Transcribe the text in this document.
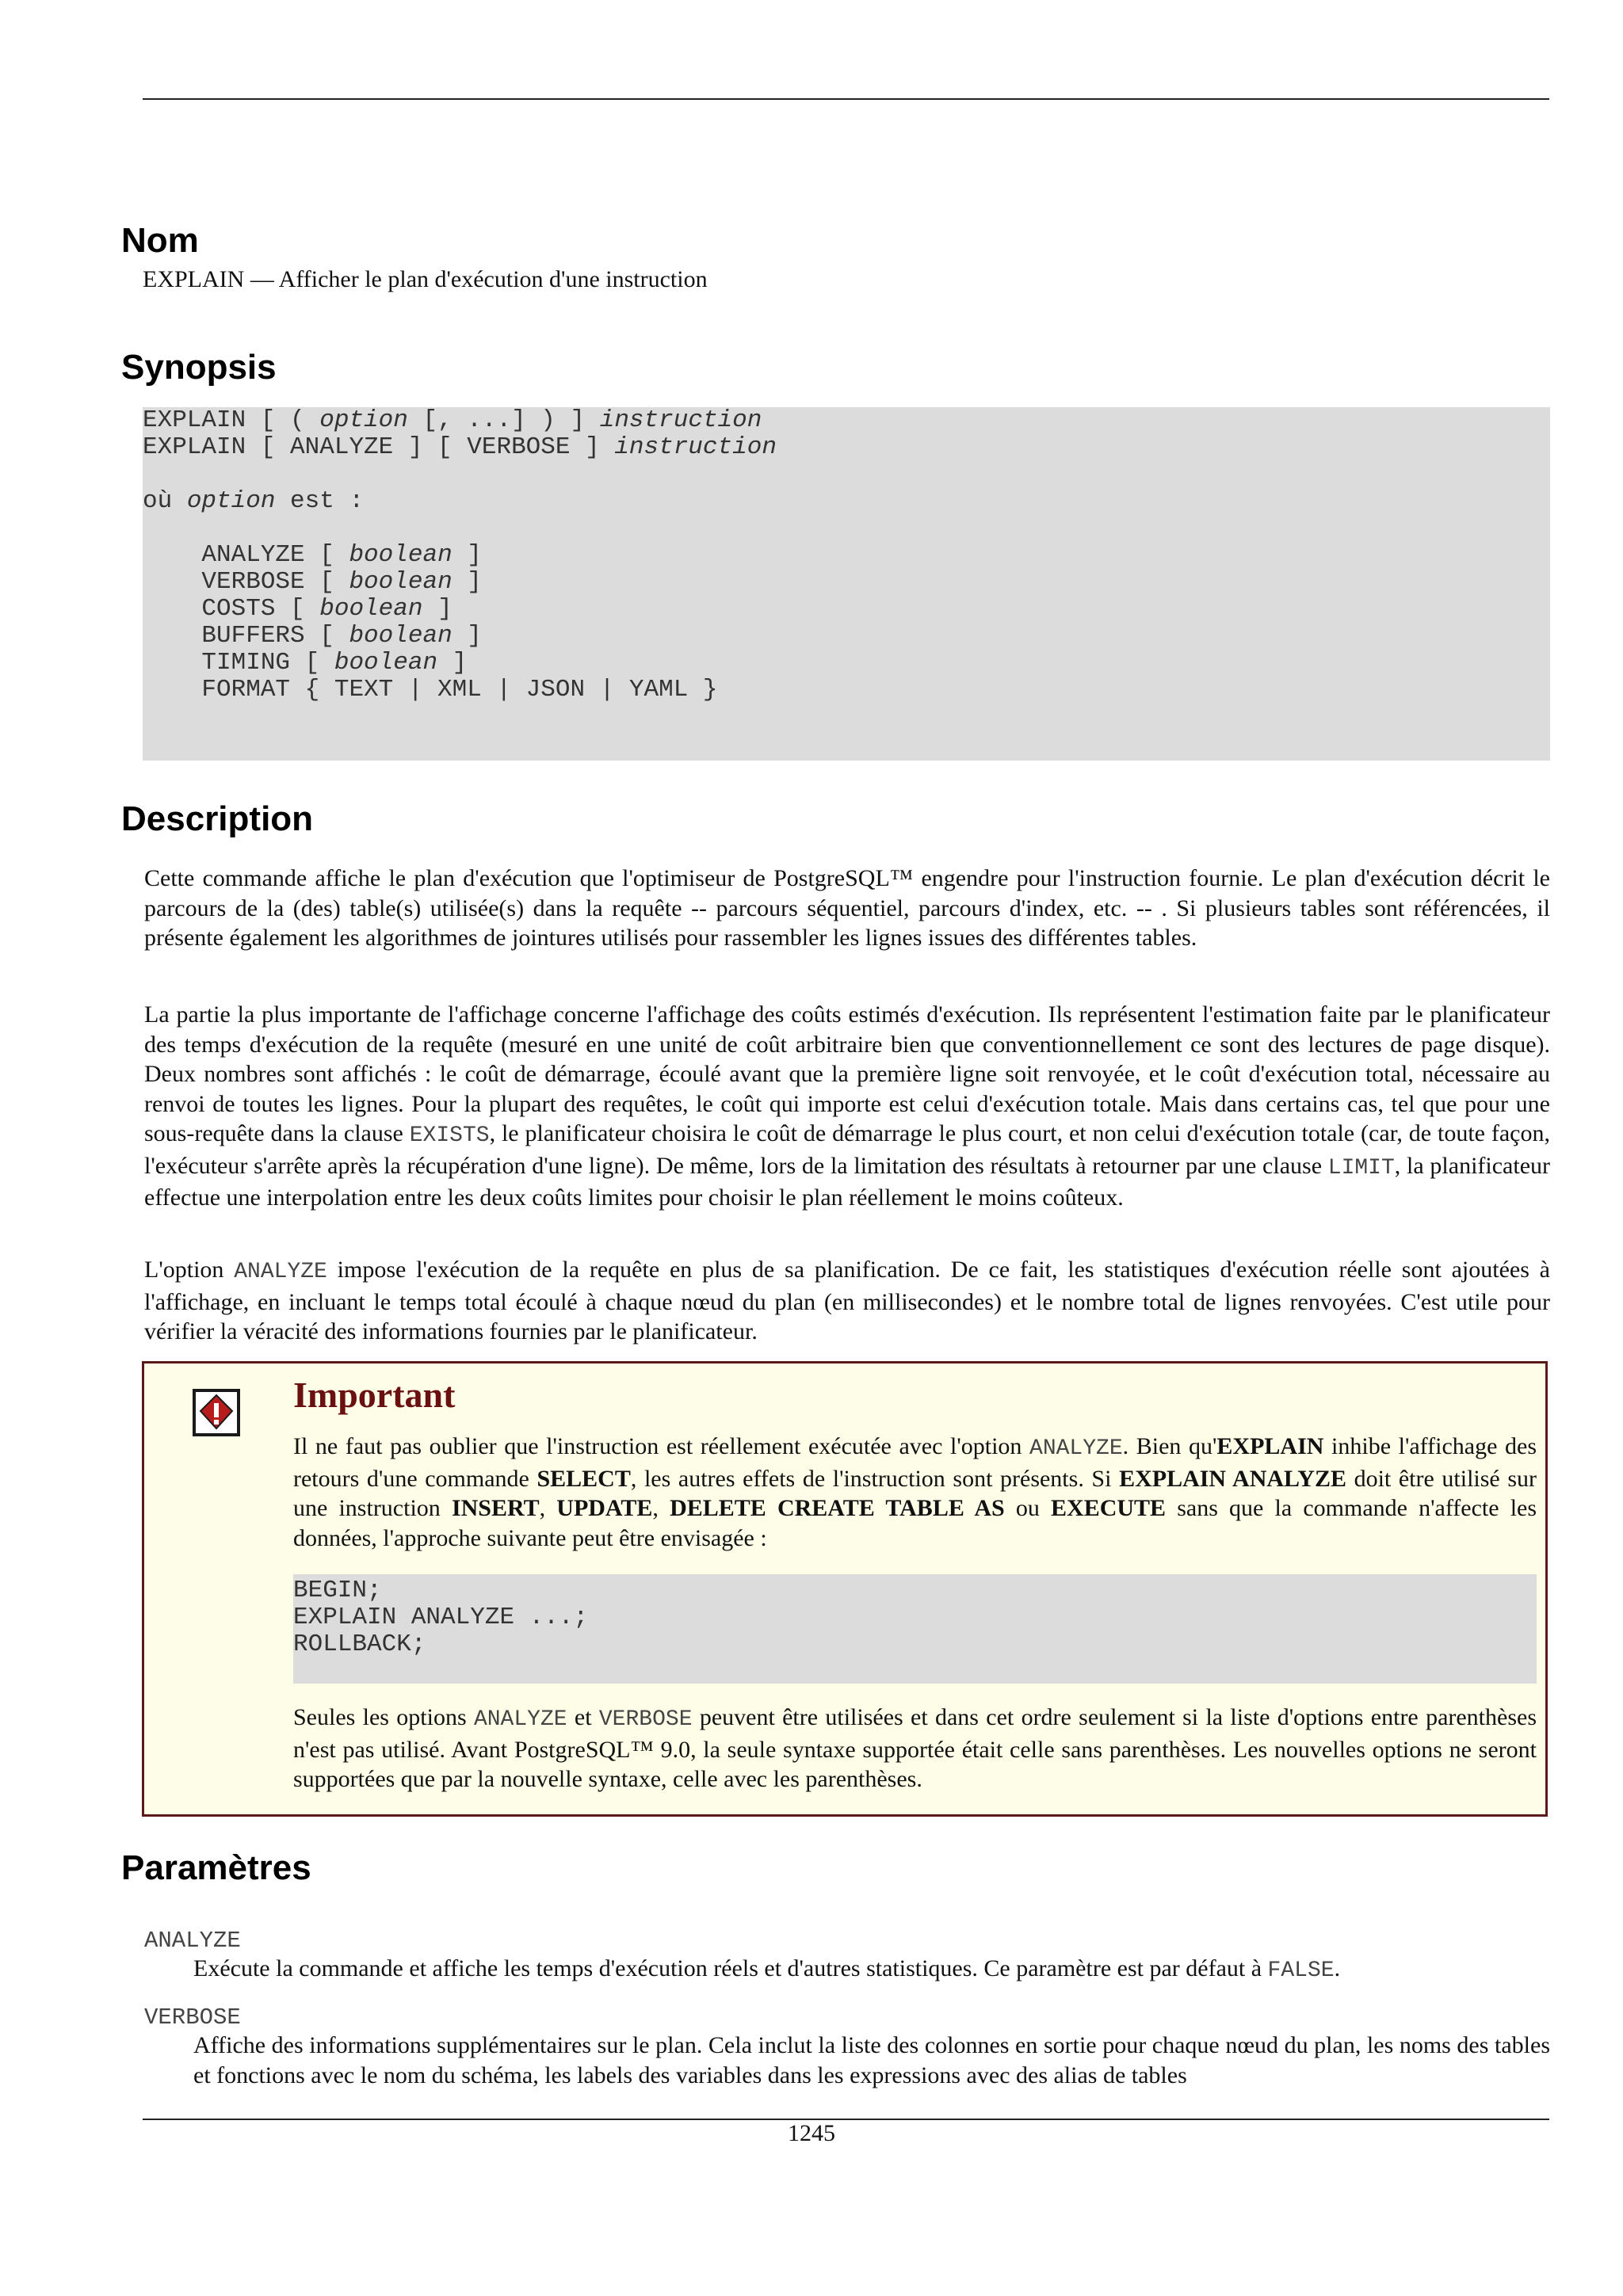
Nom
EXPLAIN — Afficher le plan d'exécution d'une instruction
Synopsis
EXPLAIN [ ( option [, ...] ) ] instruction
EXPLAIN [ ANALYZE ] [ VERBOSE ] instruction
où option est :
ANALYZE [ boolean ]
VERBOSE [ boolean ]
COSTS [ boolean ]
BUFFERS [ boolean ]
TIMING [ boolean ]
FORMAT { TEXT | XML | JSON | YAML }
Description

Cette commande affiche le plan d'exécution que l'optimiseur de PostgreSQL™ engendre pour l'instruction fournie. Le plan d'exécution décrit le parcours de la (des) table(s) utilisée(s) dans la requête -- parcours séquentiel, parcours d'index, etc. -- . Si plusieurs tables sont référencées, il présente également les algorithmes de jointures utilisés pour rassembler les lignes issues des différentes tables.

La partie la plus importante de l'affichage concerne l'affichage des coûts estimés d'exécution. Ils représentent l'estimation faite par le planificateur des temps d'exécution de la requête (mesuré en une unité de coût arbitraire bien que conventionnellement ce sont des lectures de page disque). Deux nombres sont affichés : le coût de démarrage, écoulé avant que la première ligne soit renvoyée, et le coût d'exécution total, nécessaire au renvoi de toutes les lignes. Pour la plupart des requêtes, le coût qui importe est celui d'exécution totale. Mais dans certains cas, tel que pour une sous-requête dans la clause EXISTS, le planificateur choisira le coût de démarrage le plus court, et non celui d'exécution totale (car, de toute façon, l'exécuteur s'arrête après la récupération d'une ligne). De même, lors de la limitation des résultats à retourner par une clause LIMIT, la planificateur effectue une interpolation entre les deux coûts limites pour choisir le plan réellement le moins coûteux.

L'option ANALYZE impose l'exécution de la requête en plus de sa planification. De ce fait, les statistiques d'exécution réelle sont ajoutées à l'affichage, en incluant le temps total écoulé à chaque nœud du plan (en millisecondes) et le nombre total de lignes renvoyées. C'est utile pour vérifier la véracité des informations fournies par le planificateur.

Important

Il ne faut pas oublier que l'instruction est réellement exécutée avec l'option ANALYZE. Bien qu'EXPLAIN inhibe l'affichage des retours d'une commande SELECT, les autres effets de l'instruction sont présents. Si EXPLAIN ANALYZE doit être utilisé sur une instruction INSERT, UPDATE, DELETE CREATE TABLE AS ou EXECUTE sans que la commande n'affecte les données, l'approche suivante peut être envisagée :

BEGIN;
EXPLAIN ANALYZE ...;
ROLLBACK;

Seules les options ANALYZE et VERBOSE peuvent être utilisées et dans cet ordre seulement si la liste d'options entre parenthèses n'est pas utilisé. Avant PostgreSQL™ 9.0, la seule syntaxe supportée était celle sans parenthèses. Les nouvelles options ne seront supportées que par la nouvelle syntaxe, celle avec les parenthèses.

Paramètres
ANALYZE

Exécute la commande et affiche les temps d'exécution réels et d'autres statistiques. Ce paramètre est par défaut à FALSE.

VERBOSE

Affiche des informations supplémentaires sur le plan. Cela inclut la liste des colonnes en sortie pour chaque nœud du plan, les noms des tables et fonctions avec le nom du schéma, les labels des variables dans les expressions avec des alias de tables

1245
